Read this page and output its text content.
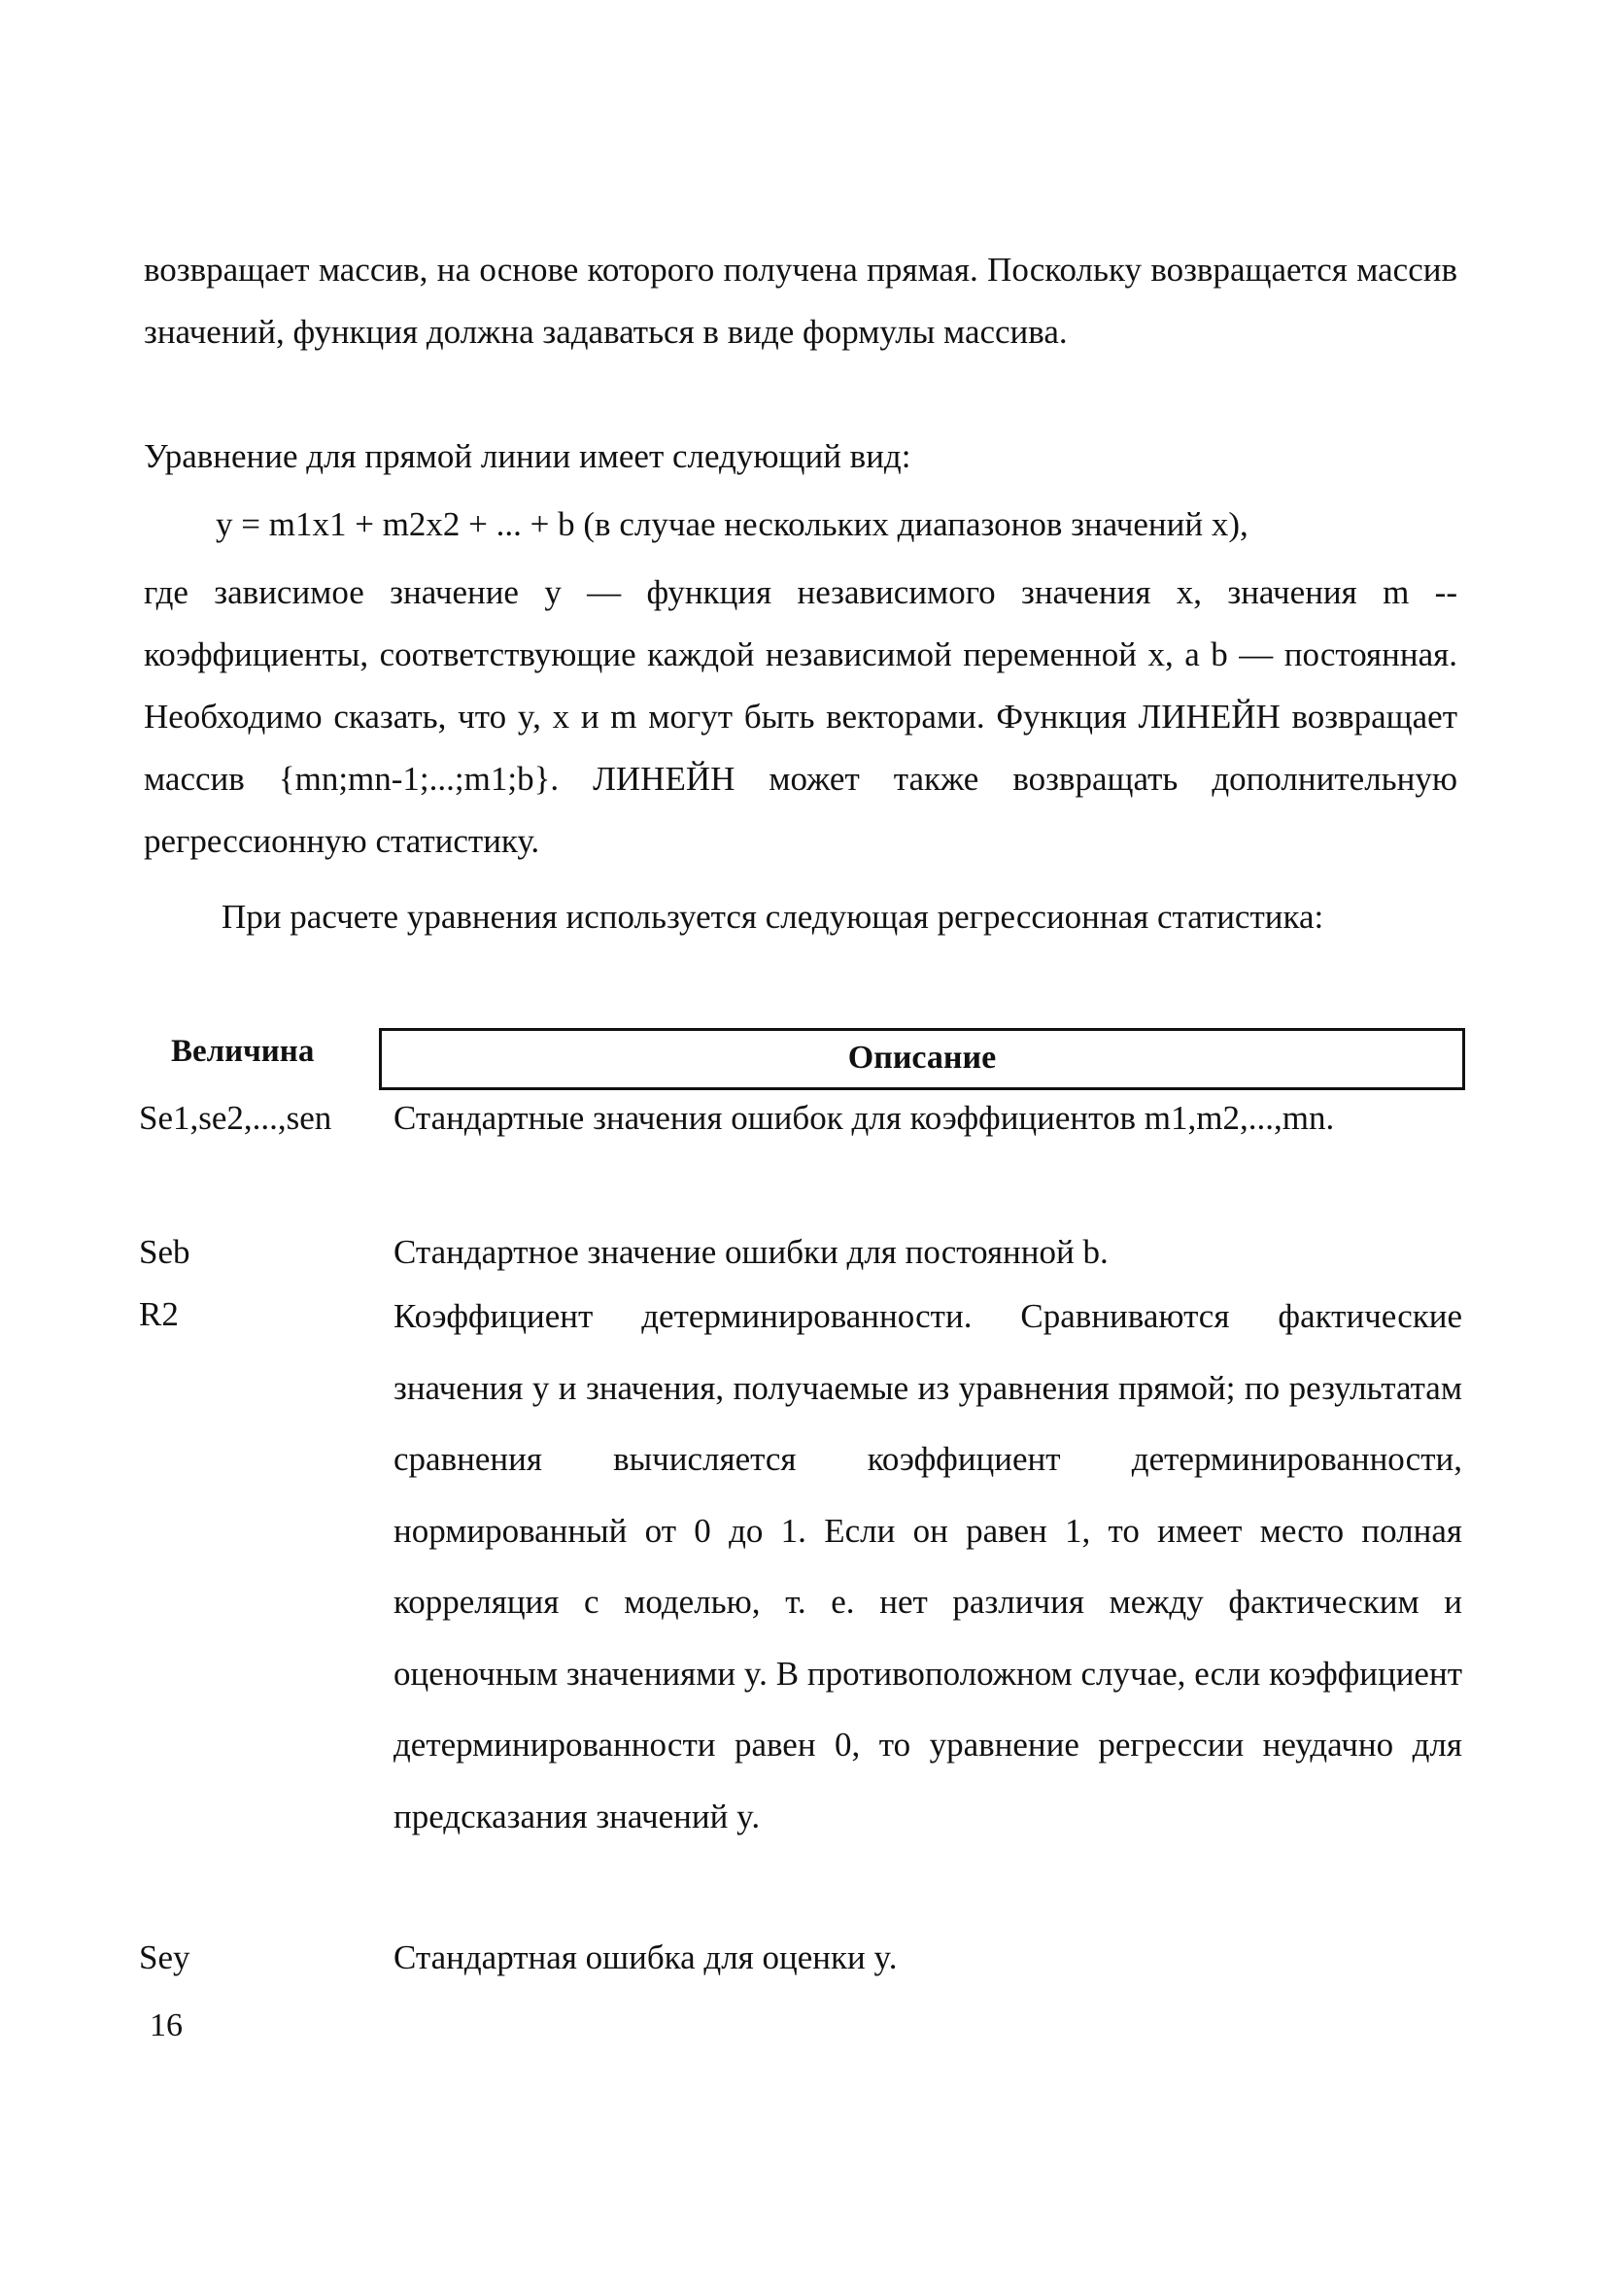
возвращает массив, на основе которого получена прямая. Поскольку возвращается массив значений, функция должна задаваться в виде формулы массива.

Уравнение для прямой линии имеет следующий вид:

y = m1x1 + m2x2 + ... + b (в случае нескольких диапазонов значений x),

где зависимое значение y — функция независимого значения x, значения m -- коэффициенты, соответствующие каждой независимой переменной x, а b — постоянная. Необходимо сказать, что y, x и m могут быть векторами. Функция ЛИНЕЙН возвращает массив {mn;mn-1;...;m1;b}. ЛИНЕЙН может также возвращать дополнительную регрессионную статистику.

При расчете уравнения используется следующая регрессионная статистика:

Величина	Описание
Se1,se2,...,sen Стандартные значения ошибок для коэффициентов m1,m2,...,mn.
Seb	Стандартное значение ошибки для постоянной b.
R2	Коэффициент детерминированности. Сравниваются фактические значения y и значения, получаемые из уравнения прямой; по результатам сравнения вычисляется коэффициент детерминированности, нормированный от 0 до 1. Если он равен 1, то имеет место полная корреляция с моделью, т. е. нет различия между фактическим и оценочным значениями y. В противоположном случае, если коэффициент детерминированности равен 0, то уравнение регрессии неудачно для предсказания значений y.
Sey	Стандартная ошибка для оценки y.
16
